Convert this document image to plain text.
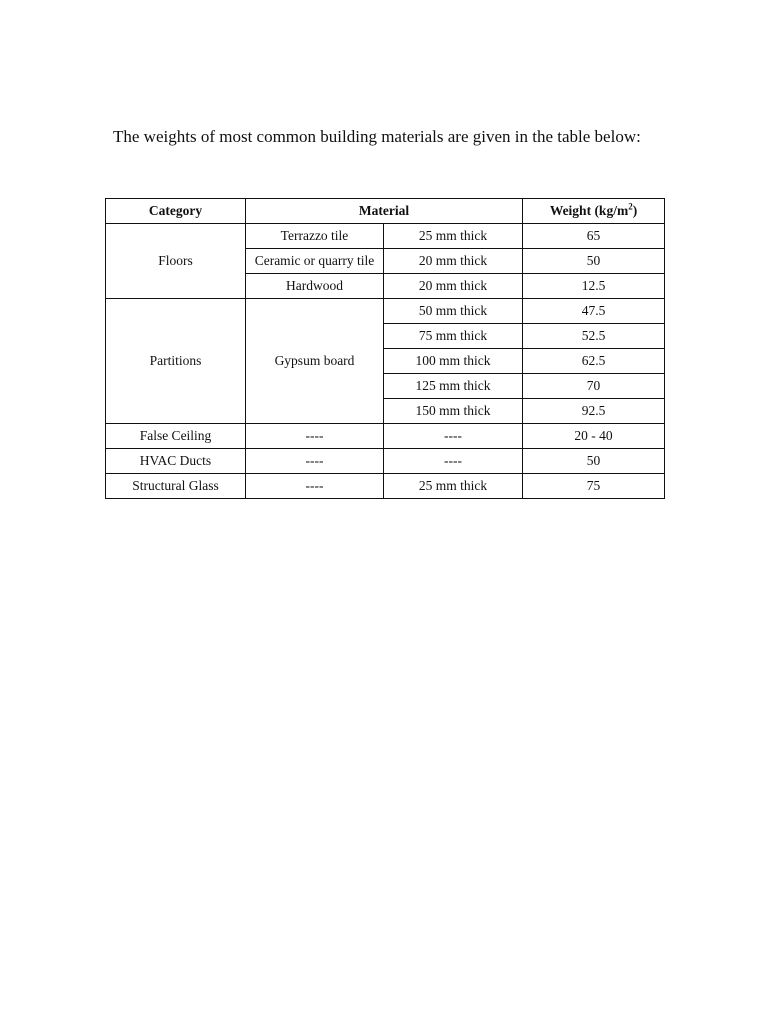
The weights of most common building materials are given in the table below:

Category	Material		Weight $(kg/m^2)$
Floors	Terrazzo tile	25 mm thick	65
	Ceramic or quarry tile	20 mm thick	50
	Hardwood	20 mm thick	12.5
Partitions	Gypsum board	50 mm thick	47.5
		75 mm thick	52.5
		100 mm thick	62.5
		125 mm thick	70
		150 mm thick	92.5
False Ceiling	----	----	20 - 40
HVAC Ducts	----	----	50
Structural Glass	----	25 mm thick	75
